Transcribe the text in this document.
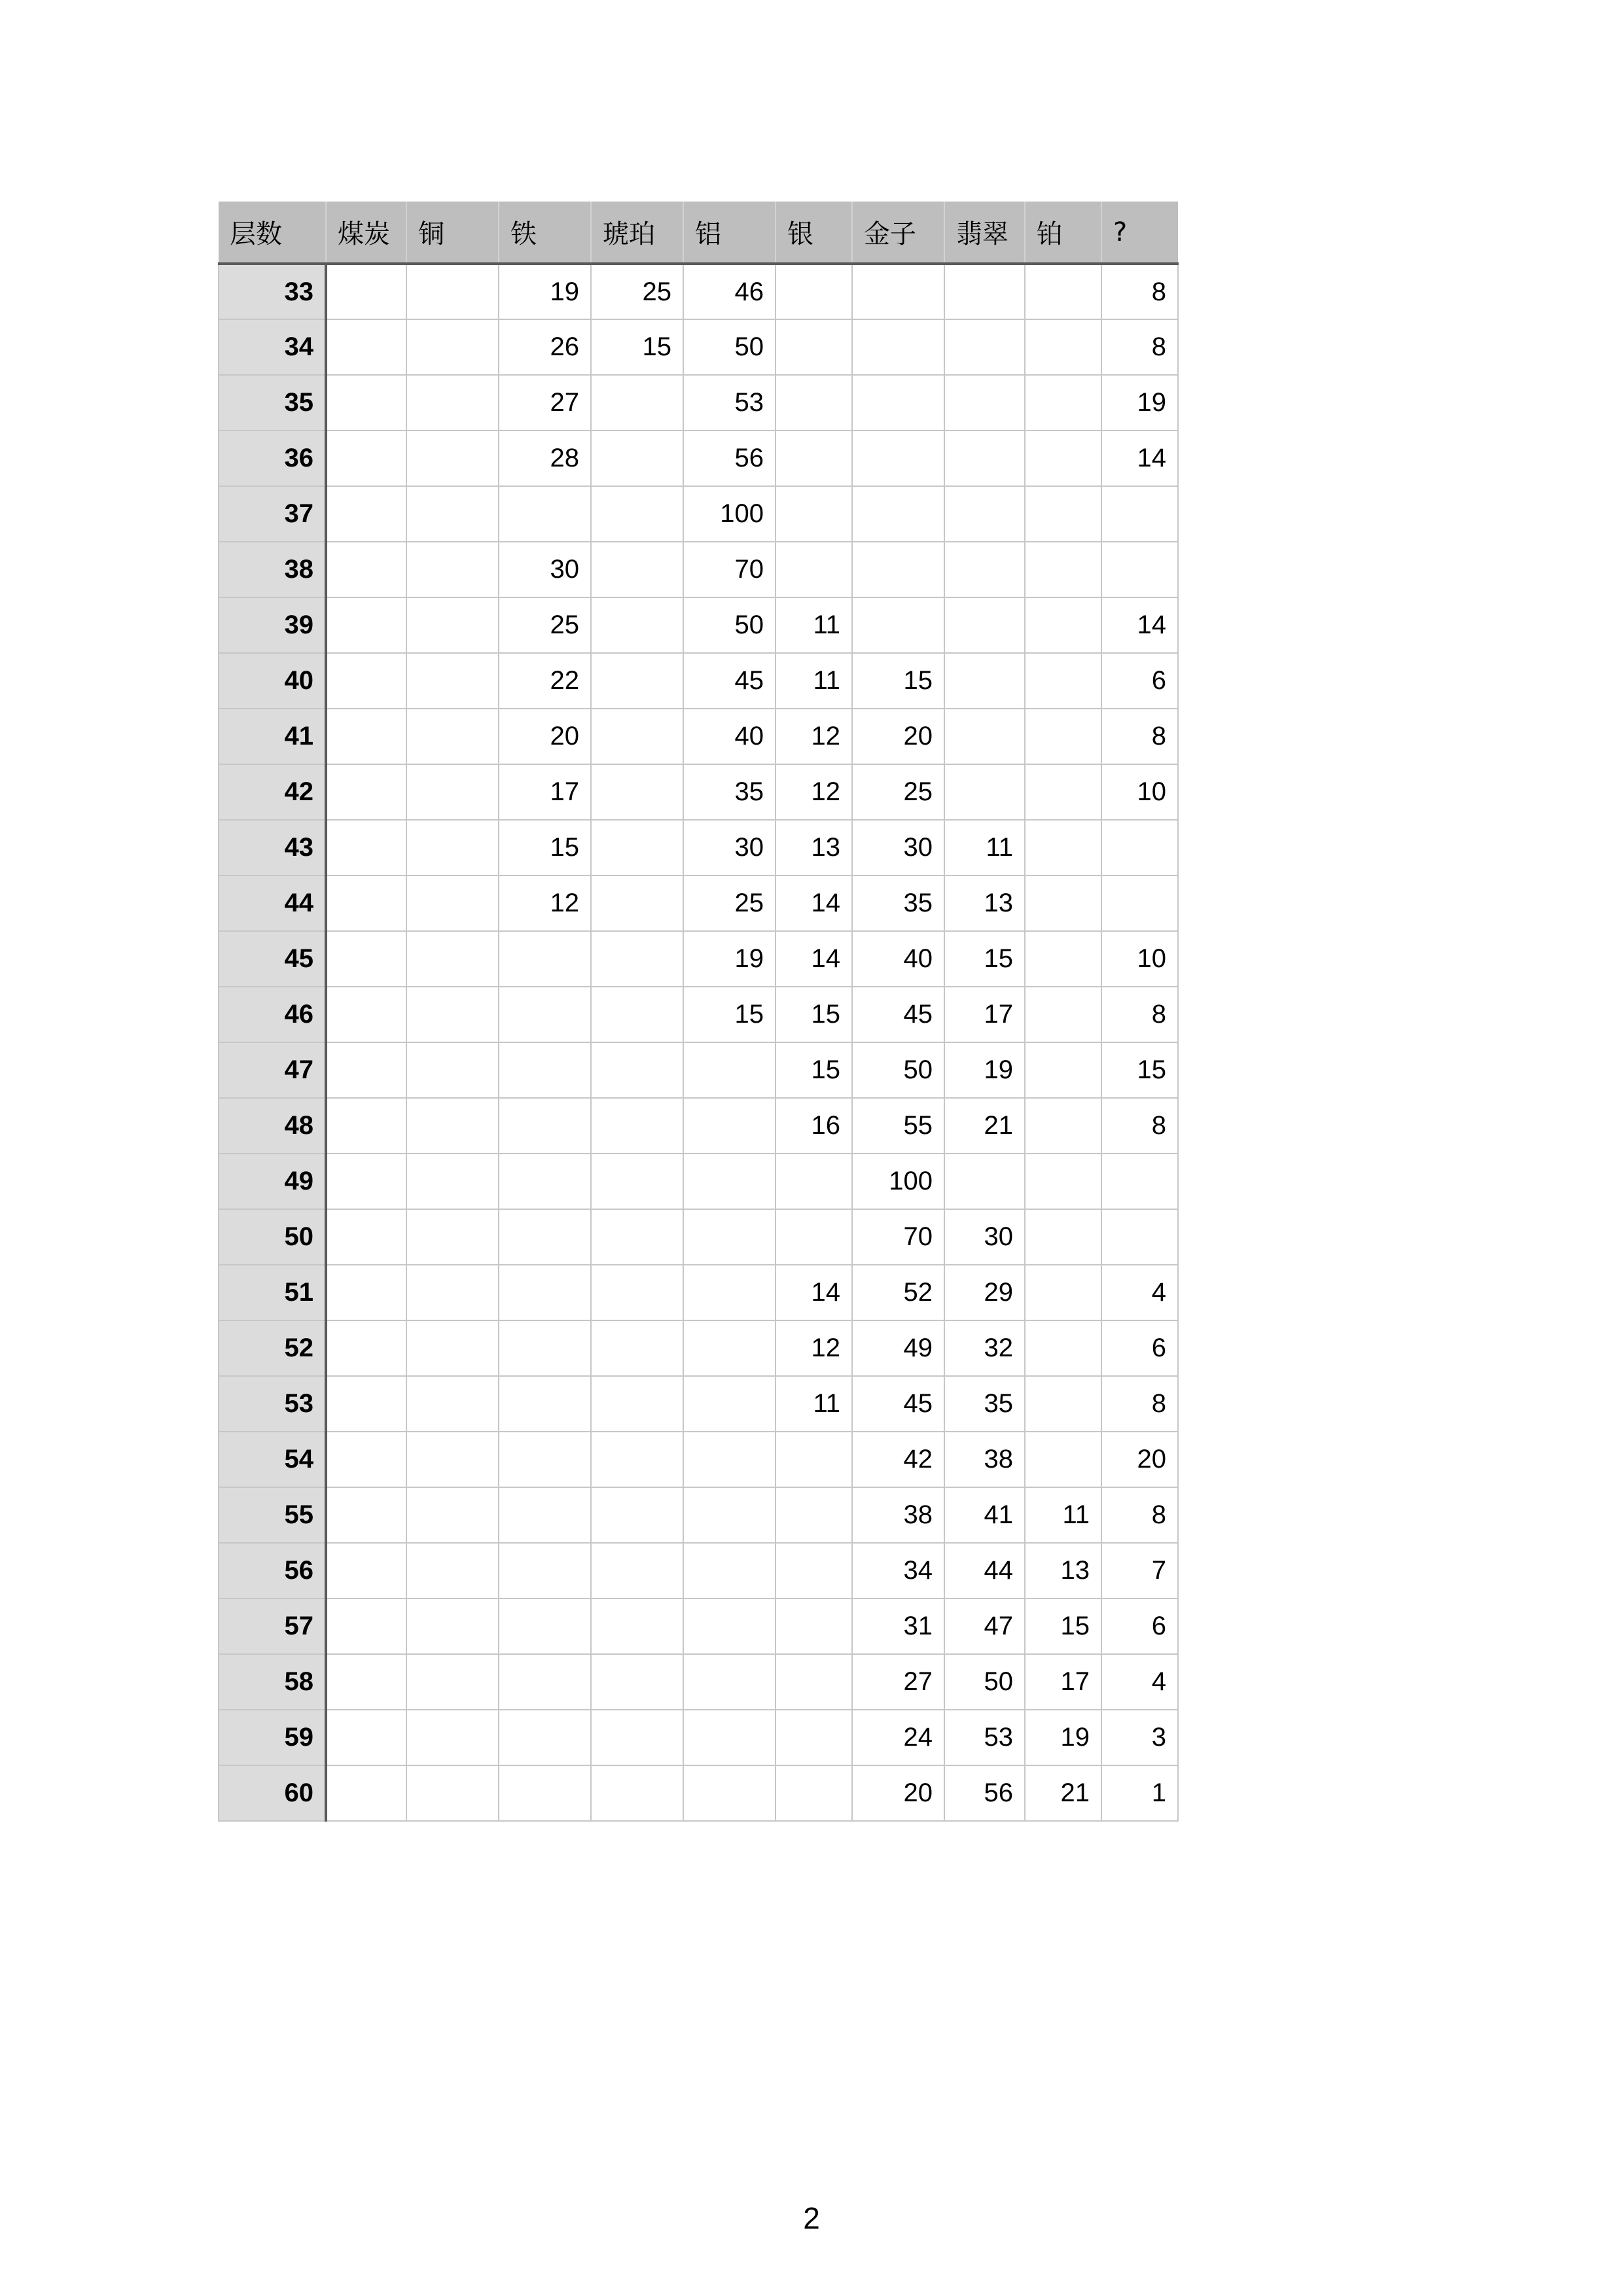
层数	煤炭	铜	铁	琥珀	铝	银	金子	翡翠	铂	?
33			19	25	46					8
34			26	15	50					8
35			27		53					19
36			28		56					14
37					100					
38			30		70					
39			25		50	11				14
40			22		45	11	15			6
41			20		40	12	20			8
42			17		35	12	25			10
43			15		30	13	30	11		
44			12		25	14	35	13		
45					19	14	40	15		10
46					15	15	45	17		8
47						15	50	19		15
48						16	55	21		8
49							100			
50							70	30		
51						14	52	29		4
52						12	49	32		6
53						11	45	35		8
54							42	38		20
55							38	41	11	8
56							34	44	13	7
57							31	47	15	6
58							27	50	17	4
59							24	53	19	3
60							20	56	21	1
2
